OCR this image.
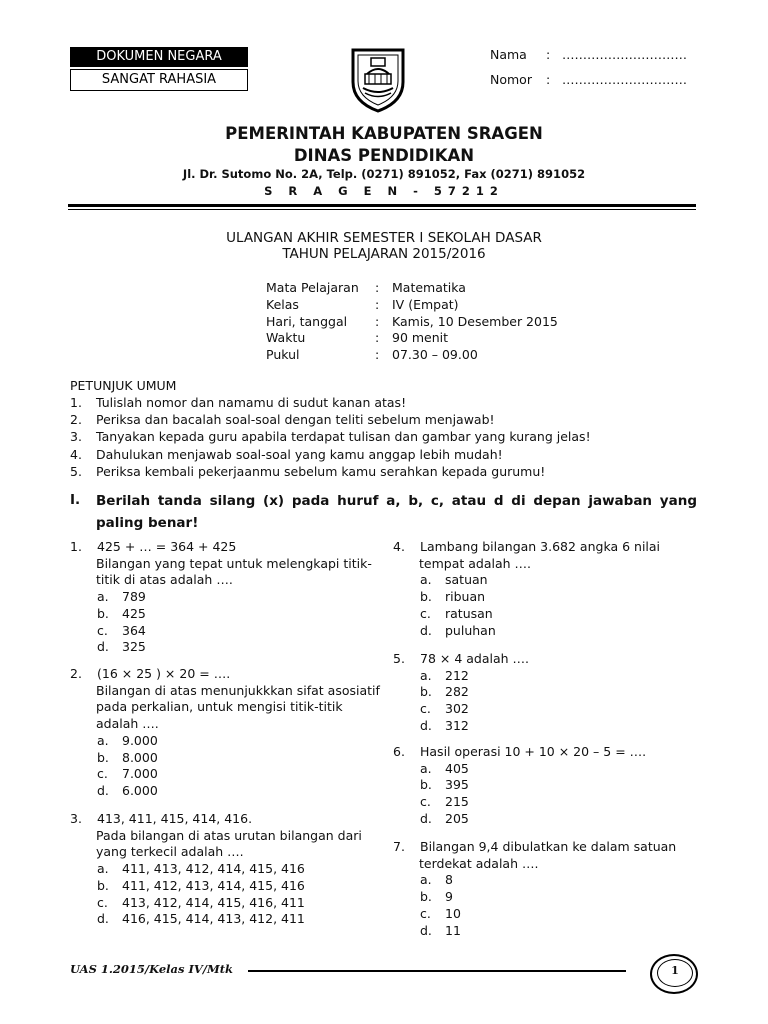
DOKUMEN NEGARA
SANGAT RAHASIA
Nama : …………………………
Nomor : …………………………
PEMERINTAH KABUPATEN SRAGEN
DINAS PENDIDIKAN
Jl. Dr. Sutomo No. 2A, Telp. (0271) 891052, Fax (0271) 891052
S R A G E N - 57212
ULANGAN AKHIR SEMESTER I SEKOLAH DASAR
TAHUN PELAJARAN 2015/2016
Mata Pelajaran : Matematika
Kelas	: IV (Empat)
Hari, tanggal : Kamis, 10 Desember 2015
Waktu	: 90 menit
Pukul	: 07.30 – 09.00
PETUNJUK UMUM
1. Tulislah nomor dan namamu di sudut kanan atas!
2. Periksa dan bacalah soal-soal dengan teliti sebelum menjawab!
3. Tanyakan kepada guru apabila terdapat tulisan dan gambar yang kurang jelas!
4. Dahulukan menjawab soal-soal yang kamu anggap lebih mudah!
5. Periksa kembali pekerjaanmu sebelum kamu serahkan kepada gurumu!
I. Berilah tanda silang (x) pada huruf a, b, c, atau d di depan jawaban yang paling benar!
1. 425 + … = 364 + 425
Bilangan yang tepat untuk melengkapi titik-
titik di atas adalah ….
a. 789
b. 425
c. 364
d. 325
2. (16 × 25 ) × 20 = ….
Bilangan di atas menunjukkkan sifat asosiatif
pada perkalian, untuk mengisi titik-titik
adalah ….
a. 9.000
b. 8.000
c. 7.000
d. 6.000
3. 413, 411, 415, 414, 416.
Pada bilangan di atas urutan bilangan dari
yang terkecil adalah ….
a. 411, 413, 412, 414, 415, 416
b. 411, 412, 413, 414, 415, 416
c. 413, 412, 414, 415, 416, 411
d. 416, 415, 414, 413, 412, 411
4. Lambang bilangan 3.682 angka 6 nilai
tempat adalah ….
a. satuan
b. ribuan
c. ratusan
d. puluhan
5. 78 × 4 adalah ….
a. 212
b. 282
c. 302
d. 312
6. Hasil operasi 10 + 10 × 20 – 5 = ….
a. 405
b. 395
c. 215
d. 205
7. Bilangan 9,4 dibulatkan ke dalam satuan
terdekat adalah ….
a. 8
b. 9
c. 10
d. 11
UAS 1.2015/Kelas IV/Mtk	1
